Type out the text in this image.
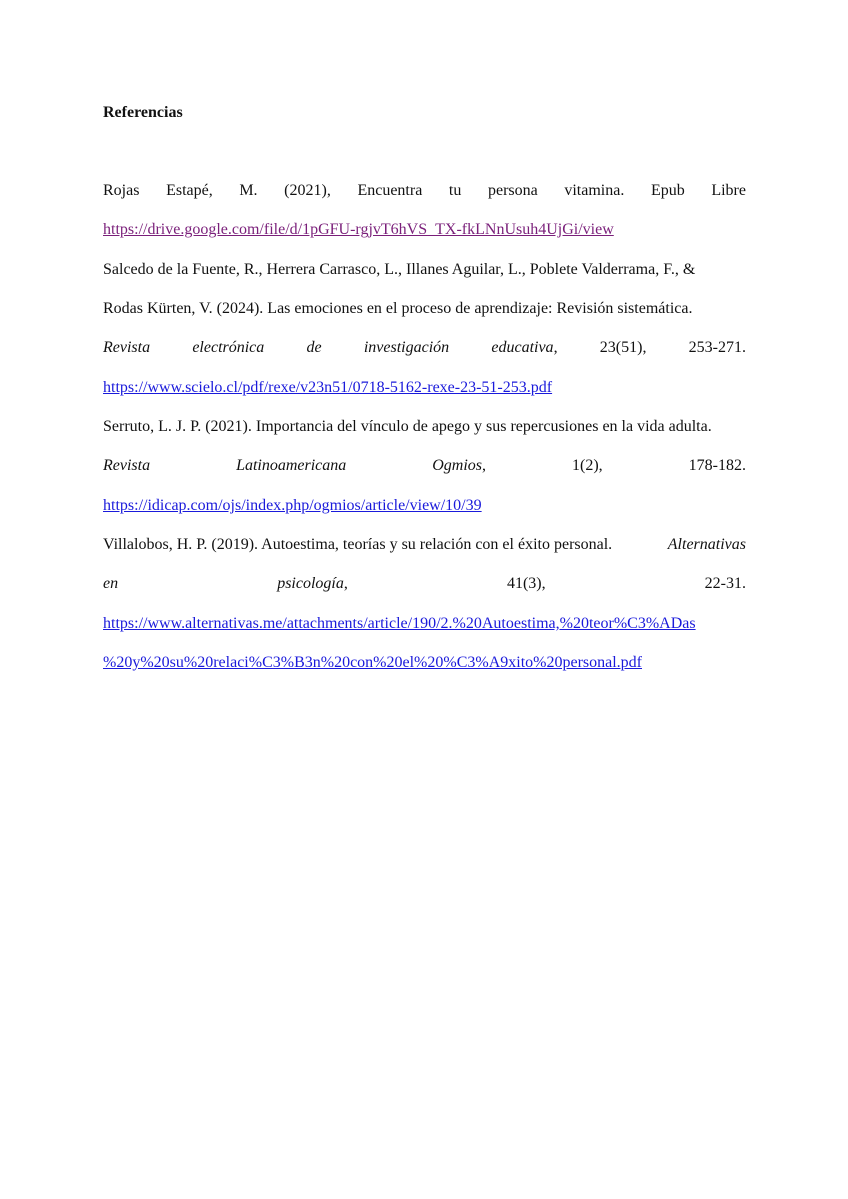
Referencias
Rojas Estapé, M. (2021), Encuentra tu persona vitamina. Epub Libre
https://drive.google.com/file/d/1pGFU-rgjvT6hVS_TX-fkLNnUsuh4UjGi/view
Salcedo de la Fuente, R., Herrera Carrasco, L., Illanes Aguilar, L., Poblete Valderrama, F., &
Rodas Kürten, V. (2024). Las emociones en el proceso de aprendizaje: Revisión sistemática.
Revista	electrónica	de	investigación	educativa,	23(51),	253-271.
https://www.scielo.cl/pdf/rexe/v23n51/0718-5162-rexe-23-51-253.pdf
Serruto, L. J. P. (2021). Importancia del vínculo de apego y sus repercusiones en la vida adulta.
Revista	Latinoamericana	Ogmios,	1(2),	178-182.
https://idicap.com/ojs/index.php/ogmios/article/view/10/39
Villalobos, H. P. (2019). Autoestima, teorías y su relación con el éxito personal.	Alternativas
en	psicología,	41(3),	22-31.
https://www.alternativas.me/attachments/article/190/2.%20Autoestima,%20teor%C3%ADas
%20y%20su%20relaci%C3%B3n%20con%20el%20%C3%A9xito%20personal.pdf
